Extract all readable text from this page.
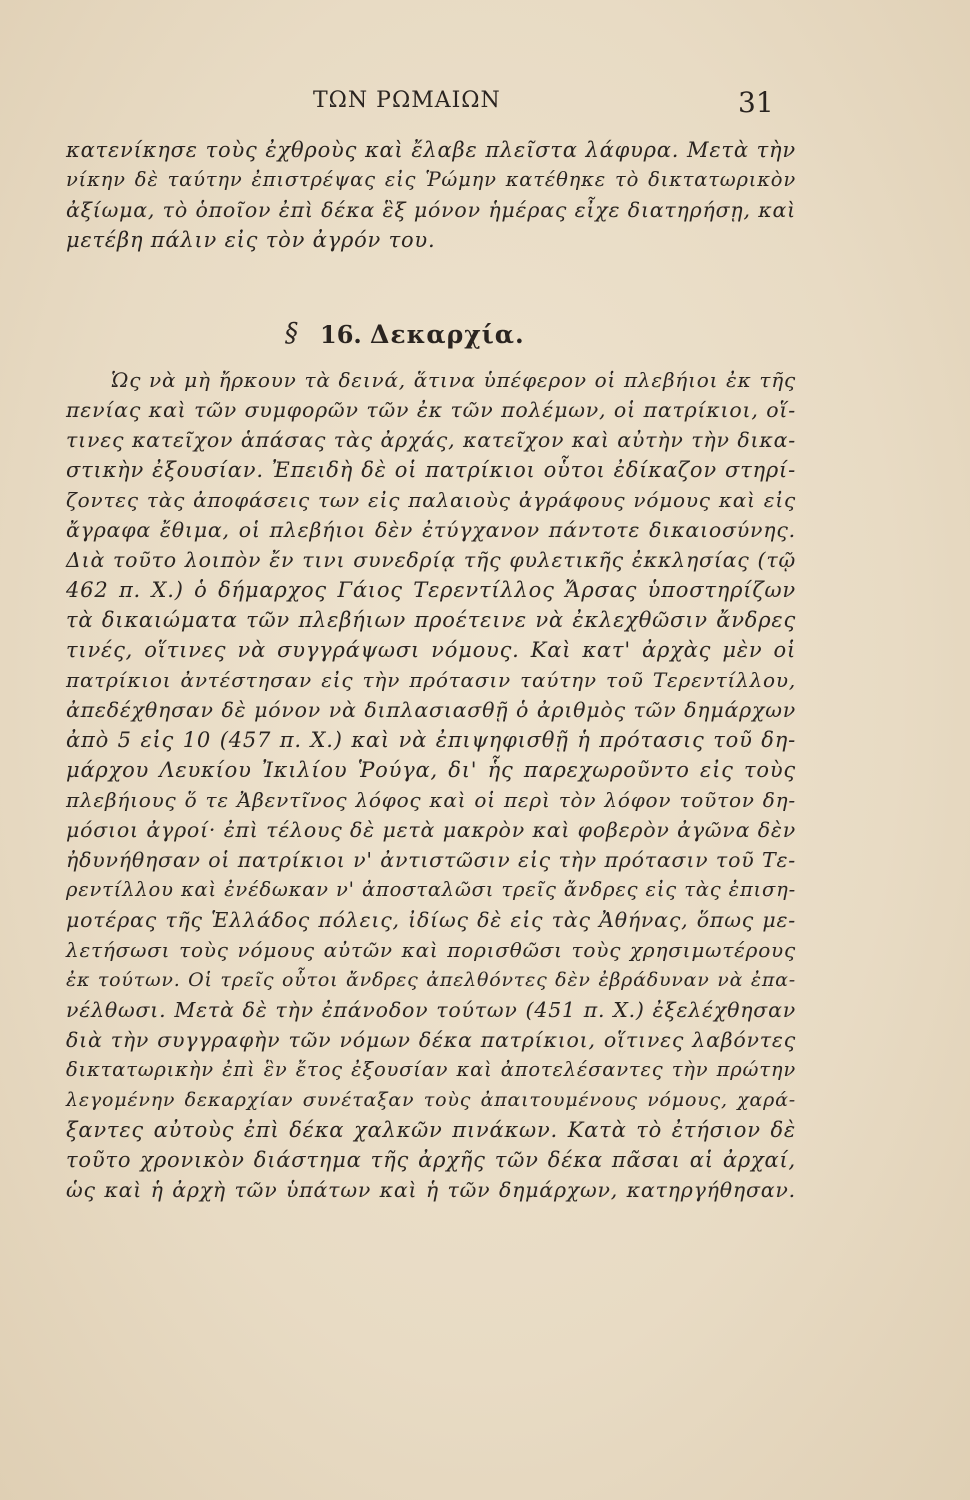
ΤΩΝ ΡΩΜΑΙΩΝ	31
κατενίκησε τοὺς ἐχθροὺς καὶ ἔλαβε πλεῖστα λάφυρα. Μετὰ τὴν
νίκην δὲ ταύτην ἐπιστρέψας εἰς Ῥώμην κατέθηκε τὸ δικτατωρικὸν
ἀξίωμα, τὸ ὁποῖον ἐπὶ δέκα ἓξ μόνον ἡμέρας εἶχε διατηρήσῃ, καὶ
μετέβη πάλιν εἰς τὸν ἀγρόν του.
§ 16. Δεκαρχία.
Ὡς νὰ μὴ ἤρκουν τὰ δεινά, ἅτινα ὑπέφερον οἱ πλεβήιοι ἐκ τῆς
πενίας καὶ τῶν συμφορῶν τῶν ἐκ τῶν πολέμων, οἱ πατρίκιοι, οἵ-
τινες κατεῖχον ἁπάσας τὰς ἀρχάς, κατεῖχον καὶ αὐτὴν τὴν δικα-
στικὴν ἐξουσίαν. Ἐπειδὴ δὲ οἱ πατρίκιοι οὗτοι ἐδίκαζον στηρί-
ζοντες τὰς ἀποφάσεις των εἰς παλαιοὺς ἀγράφους νόμους καὶ εἰς
ἄγραφα ἔθιμα, οἱ πλεβήιοι δὲν ἐτύγχανον πάντοτε δικαιοσύνης.
Διὰ τοῦτο λοιπὸν ἔν τινι συνεδρίᾳ τῆς φυλετικῆς ἐκκλησίας (τῷ
462 π. Χ.) ὁ δήμαρχος Γάιος Τερεντίλλος Ἄρσας ὑποστηρίζων
τὰ δικαιώματα τῶν πλεβήιων προέτεινε νὰ ἐκλεχθῶσιν ἄνδρες
τινές, οἵτινες νὰ συγγράψωσι νόμους. Καὶ κατ' ἀρχὰς μὲν οἱ
πατρίκιοι ἀντέστησαν εἰς τὴν πρότασιν ταύτην τοῦ Τερεντίλλου,
ἀπεδέχθησαν δὲ μόνον νὰ διπλασιασθῇ ὁ ἀριθμὸς τῶν δημάρχων
ἀπὸ 5 εἰς 10 (457 π. Χ.) καὶ νὰ ἐπιψηφισθῇ ἡ πρότασις τοῦ δη-
μάρχου Λευκίου Ἰκιλίου Ῥούγα, δι' ἧς παρεχωροῦντο εἰς τοὺς
πλεβήιους ὅ τε Ἀβεντῖνος λόφος καὶ οἱ περὶ τὸν λόφον τοῦτον δη-
μόσιοι ἀγροί· ἐπὶ τέλους δὲ μετὰ μακρὸν καὶ φοβερὸν ἀγῶνα δὲν
ἠδυνήθησαν οἱ πατρίκιοι ν' ἀντιστῶσιν εἰς τὴν πρότασιν τοῦ Τε-
ρεντίλλου καὶ ἐνέδωκαν ν' ἀποσταλῶσι τρεῖς ἄνδρες εἰς τὰς ἐπιση-
μοτέρας τῆς Ἑλλάδος πόλεις, ἰδίως δὲ εἰς τὰς Ἀθήνας, ὅπως με-
λετήσωσι τοὺς νόμους αὐτῶν καὶ πορισθῶσι τοὺς χρησιμωτέρους
ἐκ τούτων. Οἱ τρεῖς οὗτοι ἄνδρες ἀπελθόντες δὲν ἐβράδυναν νὰ ἐπα-
νέλθωσι. Μετὰ δὲ τὴν ἐπάνοδον τούτων (451 π. Χ.) ἐξελέχθησαν
διὰ τὴν συγγραφὴν τῶν νόμων δέκα πατρίκιοι, οἵτινες λαβόντες
δικτατωρικὴν ἐπὶ ἓν ἔτος ἐξουσίαν καὶ ἀποτελέσαντες τὴν πρώτην
λεγομένην δεκαρχίαν συνέταξαν τοὺς ἀπαιτουμένους νόμους, χαρά-
ξαντες αὐτοὺς ἐπὶ δέκα χαλκῶν πινάκων. Κατὰ τὸ ἐτήσιον δὲ
τοῦτο χρονικὸν διάστημα τῆς ἀρχῆς τῶν δέκα πᾶσαι αἱ ἀρχαί,
ὡς καὶ ἡ ἀρχὴ τῶν ὑπάτων καὶ ἡ τῶν δημάρχων, κατηργήθησαν.
